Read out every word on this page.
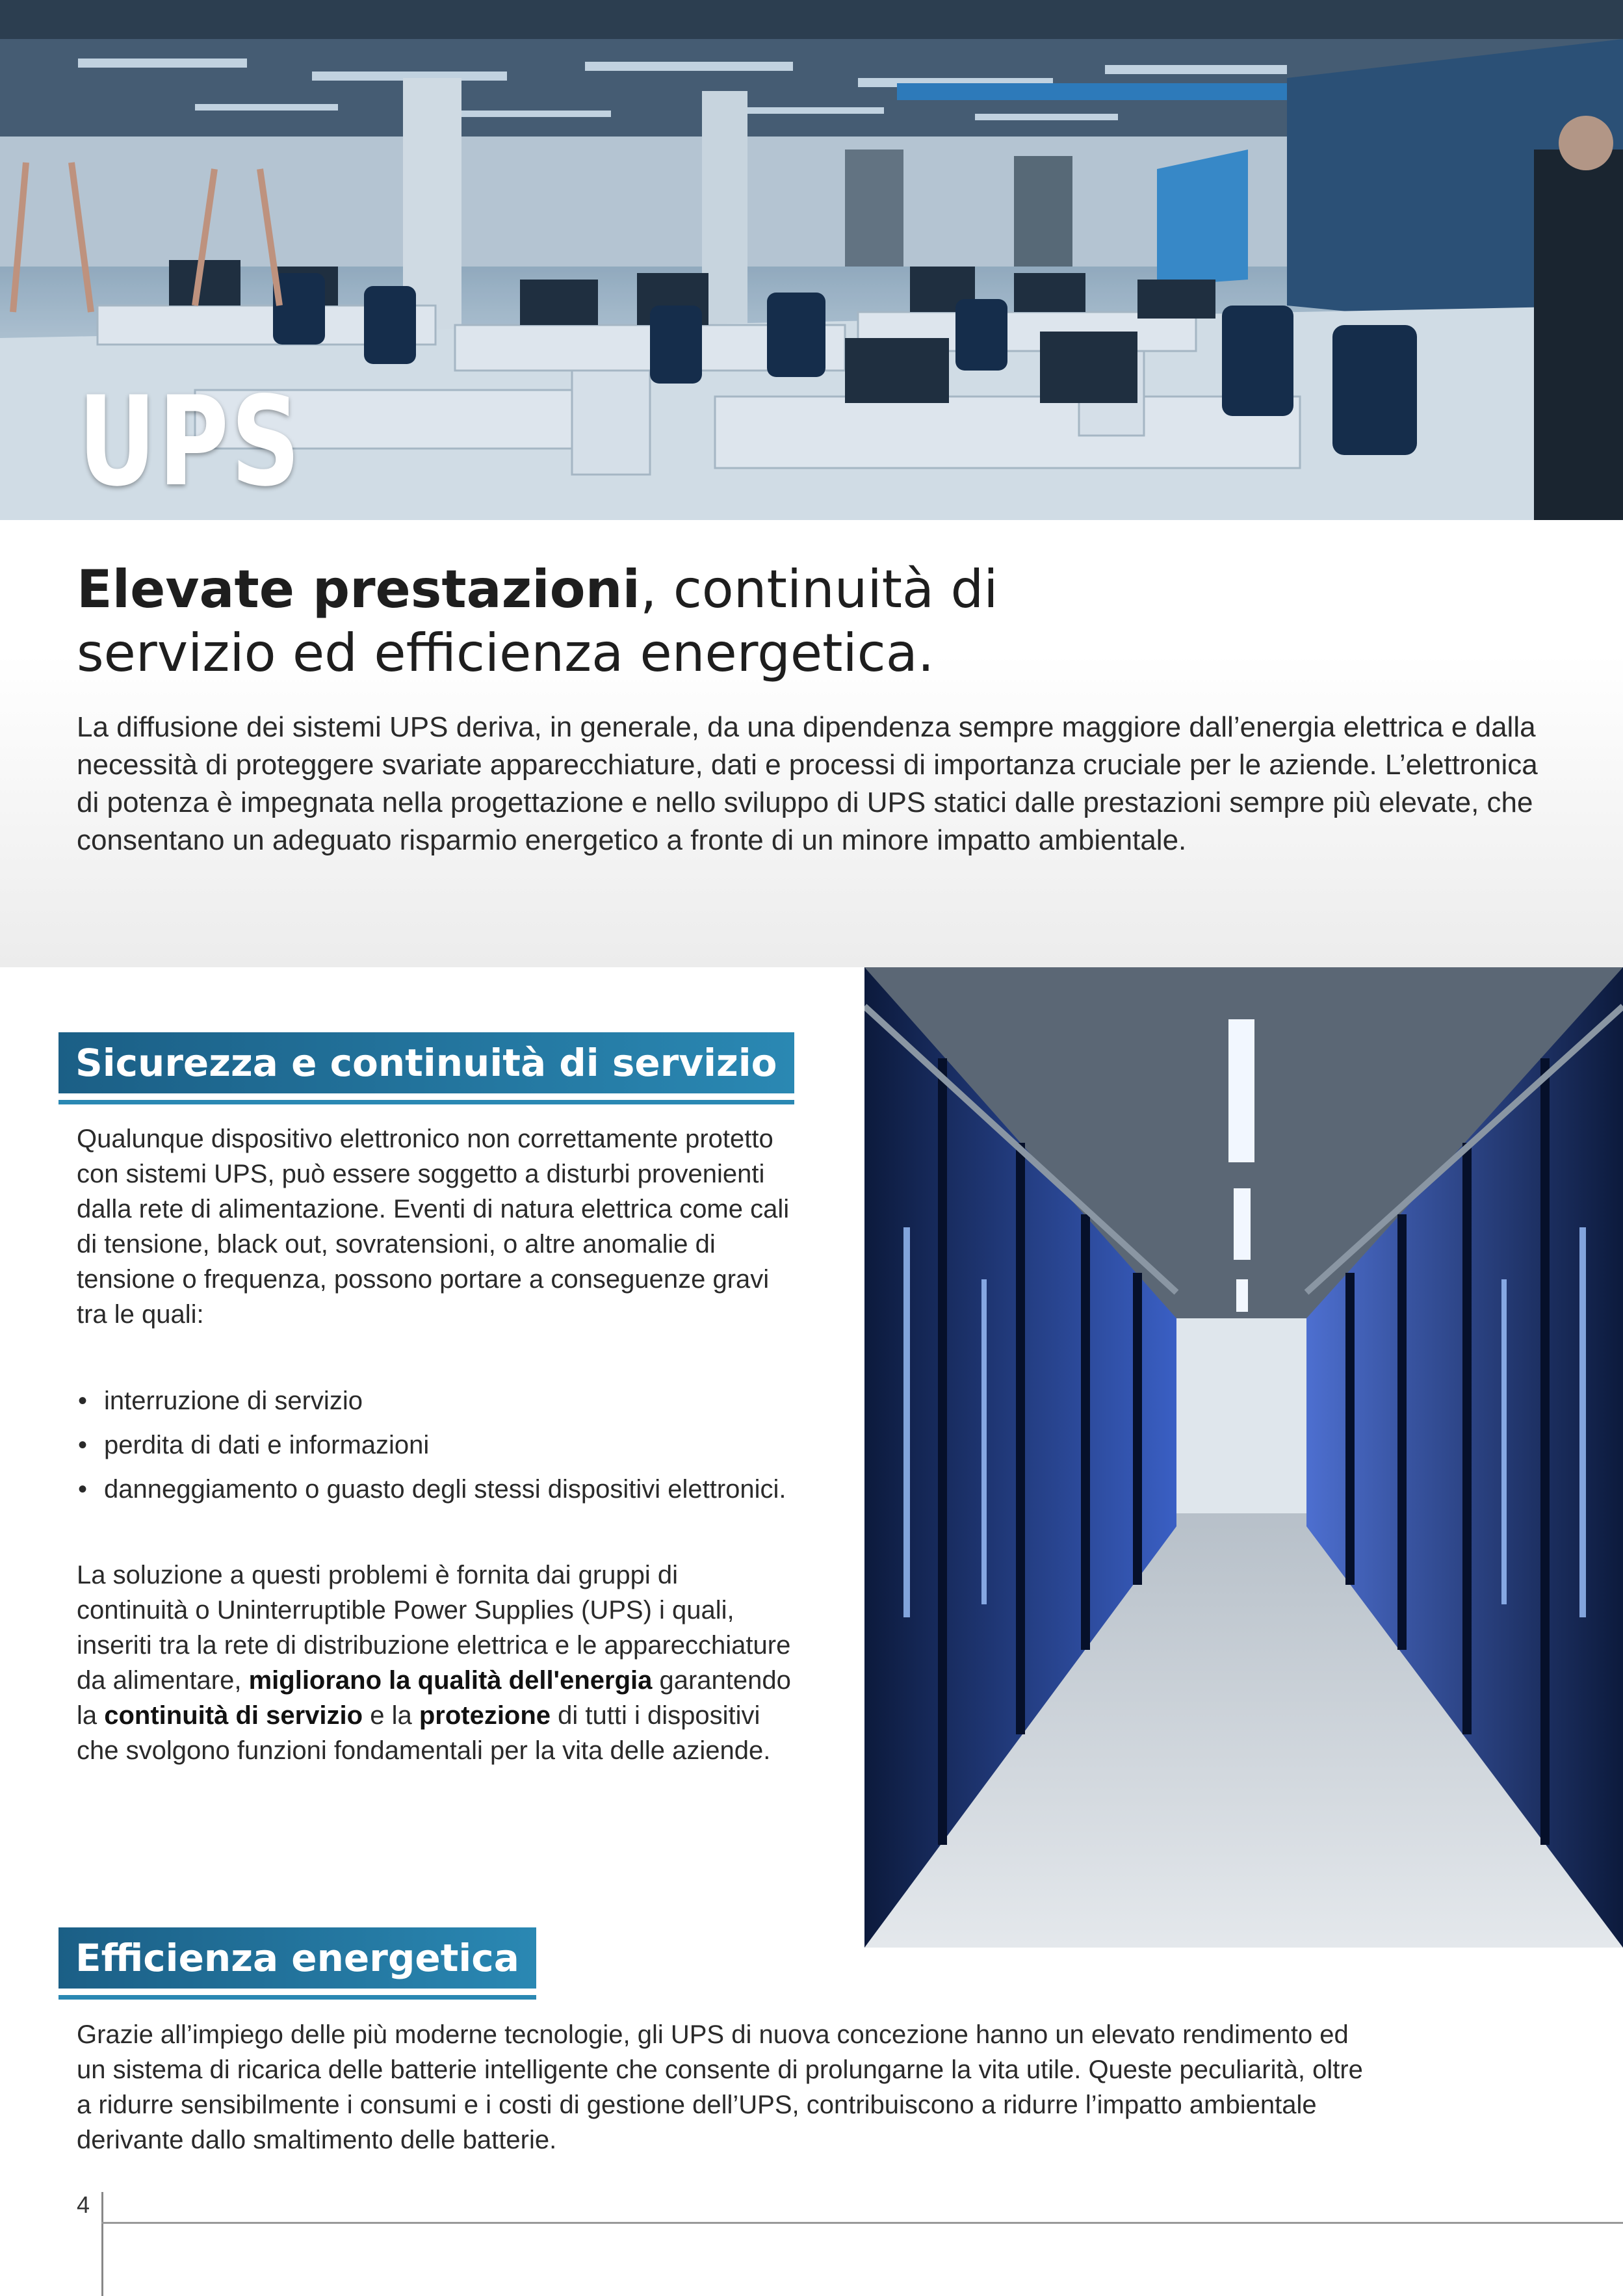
UPS
Elevate prestazioni, continuità di
servizio ed efficienza energetica.

La diffusione dei sistemi UPS deriva, in generale, da una dipendenza sempre maggiore dall’energia elettrica e dalla necessità di proteggere svariate apparecchiature, dati e processi di importanza cruciale per le aziende. L’elettronica di potenza è impegnata nella progettazione e nello sviluppo di UPS statici dalle prestazioni sempre più elevate, che consentano un adeguato risparmio energetico a fronte di un minore impatto ambientale.

Sicurezza e continuità di servizio

Qualunque dispositivo elettronico non correttamente protetto con sistemi UPS, può essere soggetto a disturbi provenienti dalla rete di alimentazione. Eventi di natura elettrica come cali di tensione, black out, sovratensioni, o altre anomalie di tensione o frequenza, possono portare a conseguenze gravi
tra le quali:

• interruzione di servizio
• perdita di dati e informazioni
• danneggiamento o guasto degli stessi dispositivi elettronici.

La soluzione a questi problemi è fornita dai gruppi di continuità o Uninterruptible Power Supplies (UPS) i quali, inseriti tra la rete di distribuzione elettrica e le apparecchiature da alimentare, migliorano la qualità dell'energia garantendo la continuità di servizio e la protezione di tutti i dispositivi che svolgono funzioni fondamentali per la vita delle aziende.

Efficienza energetica

Grazie all’impiego delle più moderne tecnologie, gli UPS di nuova concezione hanno un elevato rendimento ed un sistema di ricarica delle batterie intelligente che consente di prolungarne la vita utile. Queste peculiarità, oltre a ridurre sensibilmente i consumi e i costi di gestione dell’UPS, contribuiscono a ridurre l’impatto ambientale derivante dallo smaltimento delle batterie.

4
